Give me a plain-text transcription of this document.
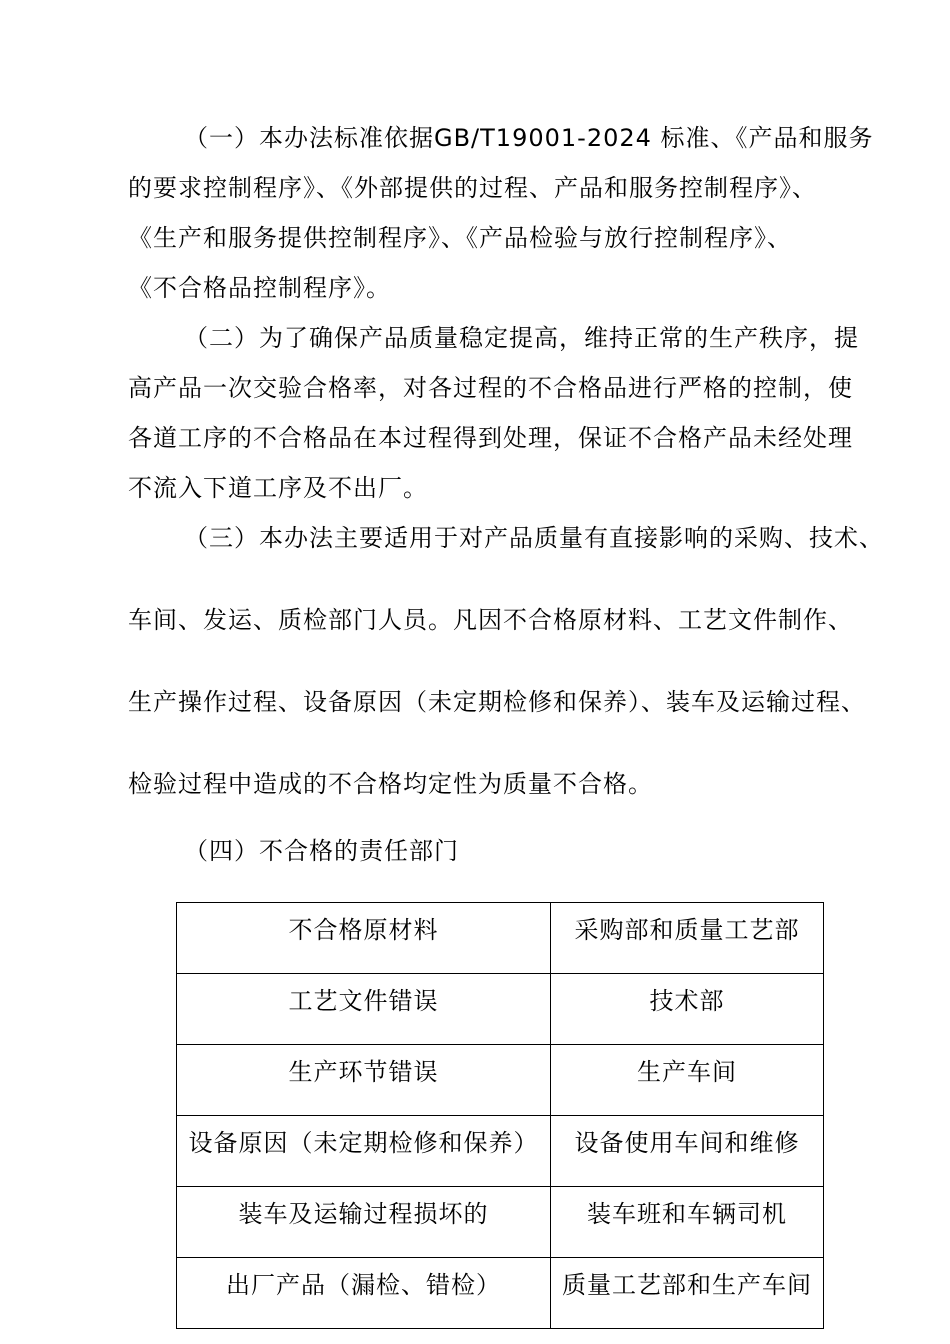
（一）本办法标准依据GB/T19001-2024 标准、《产品和服务
的要求控制程序》、《外部提供的过程、产品和服务控制程序》、
《生产和服务提供控制程序》、《产品检验与放行控制程序》、
《不合格品控制程序》。
（二）为了确保产品质量稳定提高，维持正常的生产秩序，提
高产品一次交验合格率，对各过程的不合格品进行严格的控制，使
各道工序的不合格品在本过程得到处理，保证不合格产品未经处理
不流入下道工序及不出厂。
（三）本办法主要适用于对产品质量有直接影响的采购、技术、
车间、发运、质检部门人员。凡因不合格原材料、工艺文件制作、
生产操作过程、设备原因（未定期检修和保养）、装车及运输过程、
检验过程中造成的不合格均定性为质量不合格。
（四）不合格的责任部门
不合格原材料	采购部和质量工艺部
工艺文件错误	技术部
生产环节错误	生产车间
设备原因（未定期检修和保养）	设备使用车间和维修
装车及运输过程损坏的	装车班和车辆司机
出厂产品（漏检、错检）	质量工艺部和生产车间
